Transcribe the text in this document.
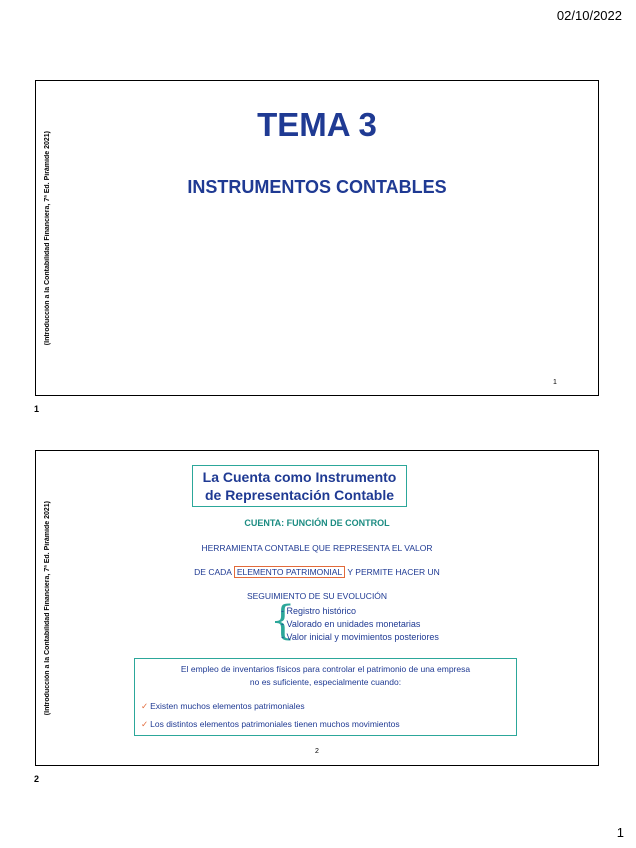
02/10/2022
(Introducción a la Contabilidad Financiera, 7ª Ed. Pirámide 2021)
TEMA 3
INSTRUMENTOS CONTABLES
1
1
(Introducción a la Contabilidad Financiera, 7ª Ed. Pirámide 2021)
La Cuenta como Instrumento
de Representación Contable
CUENTA: FUNCIÓN DE CONTROL
HERRAMIENTA CONTABLE QUE REPRESENTA EL VALOR
DE CADA ELEMENTO PATRIMONIAL Y PERMITE HACER UN
SEGUIMIENTO DE SU EVOLUCIÓN
{
- Registro histórico
- Valorado en unidades monetarias
- Valor inicial y movimientos posteriores
El empleo de inventarios físicos para controlar el patrimonio de una empresa
no es suficiente, especialmente cuando:
✓ Existen muchos elementos patrimoniales
✓ Los distintos elementos patrimoniales tienen muchos movimientos
2
2
1
